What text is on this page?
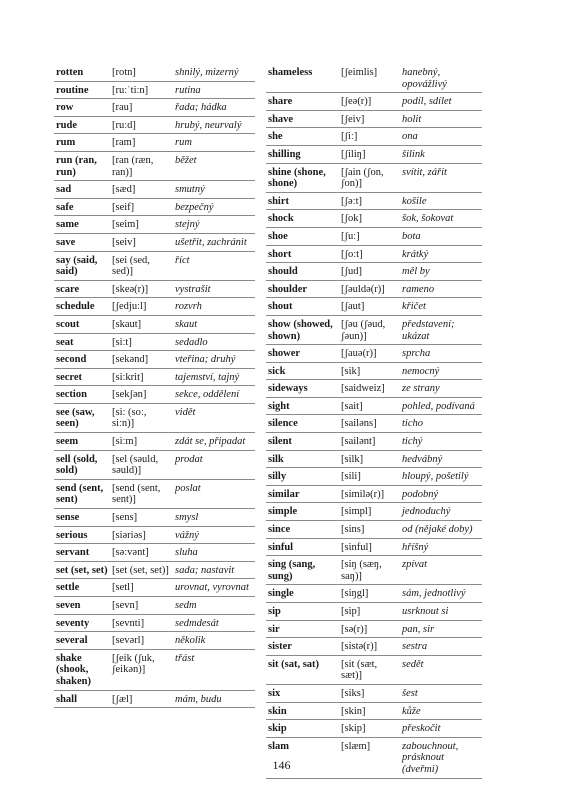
rotten	[rotn]	shnilý, mizerný
routine	[ruːˈtiːn]	rutina
row	[rau]	řada; hádka
rude	[ruːd]	hrubý, neurvalý
rum	[ram]	rum
run (ran, run)	[ran (ræn, ran)]	běžet
sad	[sæd]	smutný
safe	[seif]	bezpečný
same	[seim]	stejný
save	[seiv]	ušetřit, zachránit
say (said, said)	[sei (sed, sed)]	říct
scare	[skeə(r)]	vystrašit
schedule	[ʃedjuːl]	rozvrh
scout	[skaut]	skaut
seat	[siːt]	sedadlo
second	[sekənd]	vteřina; druhý
secret	[siːkrit]	tajemství, tajný
section	[sekʃən]	sekce, oddělení
see (saw, seen)	[siː (soː, siːn)]	vidět
seem	[siːm]	zdát se, připadat
sell (sold, sold)	[sel (səuld, səuld)]	prodat
send (sent, sent)	[send (sent, sent)]	poslat
sense	[sens]	smysl
serious	[siəriəs]	vážný
servant	[səːvənt]	sluha
set (set, set)	[set (set, set)]	sada; nastavit
settle	[setl]	urovnat, vyrovnat
seven	[sevn]	sedm
seventy	[sevnti]	sedmdesát
several	[sevərl]	několik
shake (shook, shaken)	[ʃeik (ʃuk, ʃeikən)]	třást
shall	[ʃæl]	mám, budu
shameless	[ʃeimlis]	hanebný, opovážlivý
share	[ʃeə(r)]	podíl, sdílet
shave	[ʃeiv]	holit
she	[ʃiː]	ona
shilling	[ʃiliŋ]	šilink
shine (shone, shone)	[ʃain (ʃon, ʃon)]	svítit, zářit
shirt	[ʃəːt]	košile
shock	[ʃok]	šok, šokovat
shoe	[ʃuː]	bota
short	[ʃoːt]	krátký
should	[ʃud]	měl by
shoulder	[ʃəuldə(r)]	rameno
shout	[ʃaut]	křičet
show (showed, shown)	[ʃəu (ʃəud, ʃəun)]	představení; ukázat
shower	[ʃauə(r)]	sprcha
sick	[sik]	nemocný
sideways	[saidweiz]	ze strany
sight	[sait]	pohled, podívaná
silence	[sailəns]	ticho
silent	[sailənt]	tichý
silk	[silk]	hedvábný
silly	[sili]	hloupý, pošetilý
similar	[similə(r)]	podobný
simple	[simpl]	jednoduchý
since	[sins]	od (nějaké doby)
sinful	[sinful]	hříšný
sing (sang, sung)	[siŋ (sæŋ, saŋ)]	zpívat
single	[siŋgl]	sám, jednotlivý
sip	[sip]	usrknout si
sir	[sə(r)]	pan, sir
sister	[sistə(r)]	sestra
sit (sat, sat)	[sit (sæt, sæt)]	sedět
six	[siks]	šest
skin	[skin]	kůže
skip	[skip]	přeskočit
slam	[slæm]	zabouchnout, prásknout (dveřmi)
146
